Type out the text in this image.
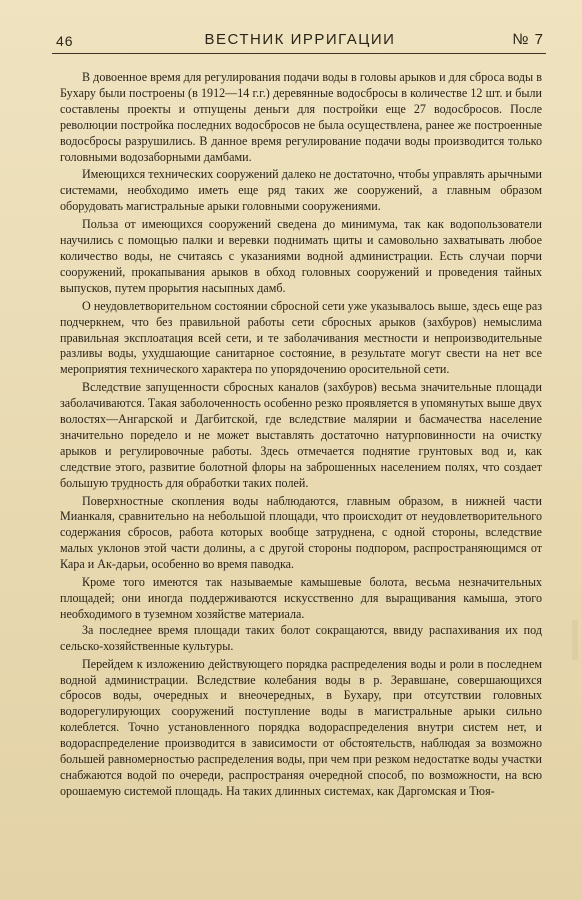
46	ВЕСТНИК ИРРИГАЦИИ	№ 7

В довоенное время для регулирования подачи воды в головы арыков и для сброса воды в Бухару были построены (в 1912—14 г.г.) деревянные водосбросы в количестве 12 шт. и были составлены проекты и отпущены деньги для постройки еще 27 водосбросов. После революции постройка последних водосбросов не была осуществлена, ранее же построенные водосбросы разрушились. В данное время регулирование подачи воды производится только головными водозаборными дамбами.

Имеющихся технических сооружений далеко не достаточно, чтобы управлять арычными системами, необходимо иметь еще ряд таких же сооружений, а главным образом оборудовать магистральные арыки головными сооружениями.

Польза от имеющихся сооружений сведена до минимума, так как водопользователи научились с помощью палки и веревки поднимать щиты и самовольно захватывать любое количество воды, не считаясь с указаниями водной администрации. Есть случаи порчи сооружений, прокапывания арыков в обход головных сооружений и проведения тайных выпусков, путем прорытия насыпных дамб.

О неудовлетворительном состоянии сбросной сети уже указывалось выше, здесь еще раз подчеркнем, что без правильной работы сети сбросных арыков (захбуров) немыслима правильная эксплоатация всей сети, и те заболачивания местности и непроизводительные разливы воды, ухудшающие санитарное состояние, в результате могут свести на нет все мероприятия технического характера по упорядочению оросительной сети.

Вследствие запущенности сбросных каналов (захбуров) весьма значительные площади заболачиваются. Такая заболоченность особенно резко проявляется в упомянутых выше двух волостях—Ангарской и Дагбитской, где вследствие малярии и басмачества население значительно поредело и не может выставлять достаточно натурповинности на очистку арыков и регулировочные работы. Здесь отмечается поднятие грунтовых вод и, как следствие этого, развитие болотной флоры на заброшенных населением полях, что создает большую трудность для обработки таких полей.

Поверхностные скопления воды наблюдаются, главным образом, в нижней части Мианкаля, сравнительно на небольшой площади, что происходит от неудовлетворительного содержания сбросов, работа которых вообще затруднена, с одной стороны, вследствие малых уклонов этой части долины, а с другой стороны подпором, распространяющимся от Кара и Ак-дарьи, особенно во время паводка.

Кроме того имеются так называемые камышевые болота, весьма незначительных площадей; они иногда поддерживаются искусственно для выращивания камыша, этого необходимого в туземном хозяйстве материала.

За последнее время площади таких болот сокращаются, ввиду распахивания их под сельско-хозяйственные культуры.

Перейдем к изложению действующего порядка распределения воды и роли в последнем водной администрации. Вследствие колебания воды в р. Зеравшане, совершающихся сбросов воды, очередных и внеочередных, в Бухару, при отсутствии головных водорегулирующих сооружений поступление воды в магистральные арыки сильно колеблется. Точно установленного порядка водораспределения внутри систем нет, и водораспределение производится в зависимости от обстоятельств, наблюдая за возможно большей равномерностью распределения воды, при чем при резком недостатке воды участки снабжаются водой по очереди, распространяя очередной способ, по возможности, на всю орошаемую системой площадь. На таких длинных системах, как Даргомская и Тюя-
